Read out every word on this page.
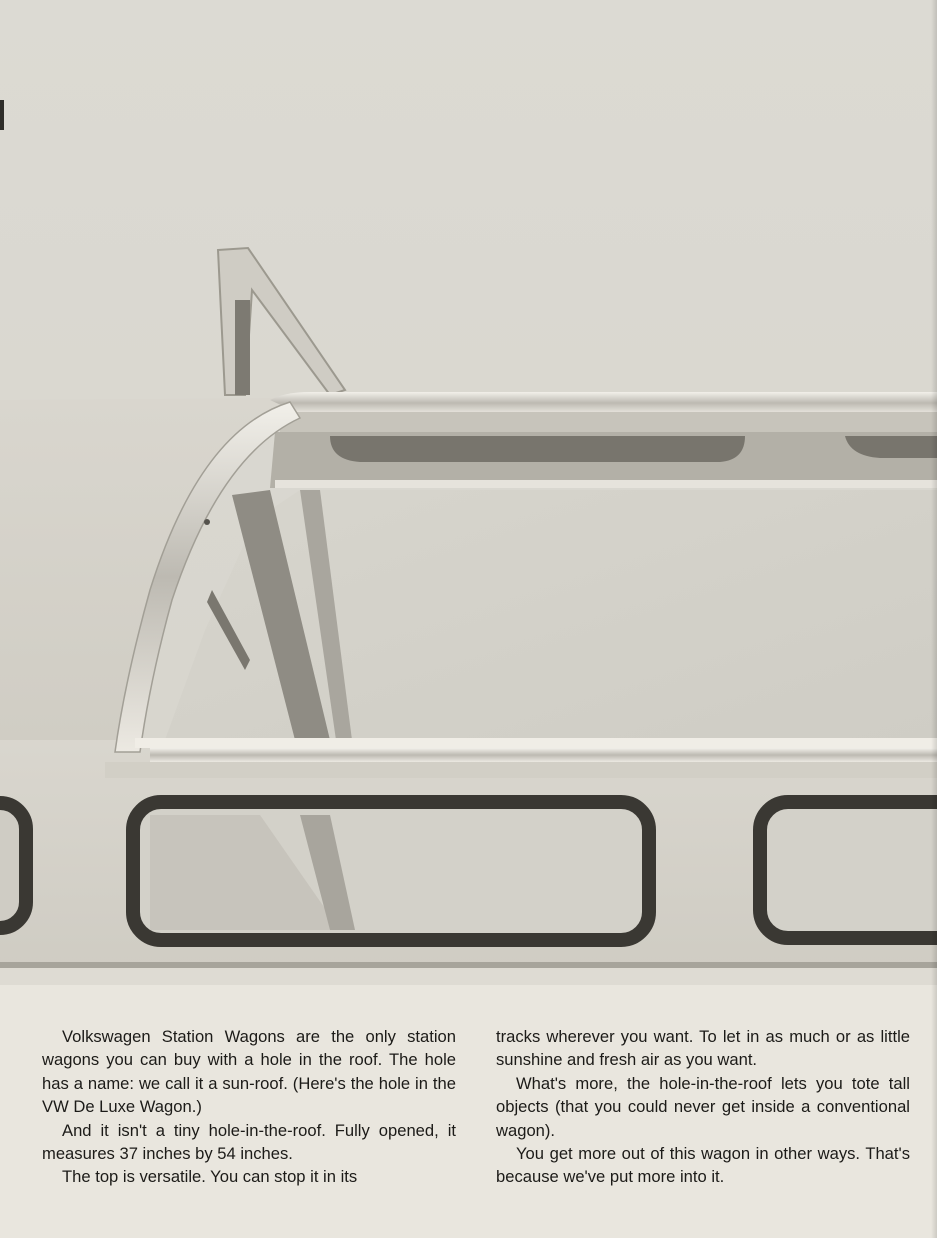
Volkswagen Station Wagons are the only station wagons you can buy with a hole in the roof. The hole has a name: we call it a sun-roof. (Here's the hole in the VW De Luxe Wagon.)

And it isn't a tiny hole-in-the-roof. Fully opened, it measures 37 inches by 54 inches.

The top is versatile. You can stop it in its

tracks wherever you want. To let in as much or as little sunshine and fresh air as you want.

What's more, the hole-in-the-roof lets you tote tall objects (that you could never get inside a conventional wagon).

You get more out of this wagon in other ways. That's because we've put more into it.
